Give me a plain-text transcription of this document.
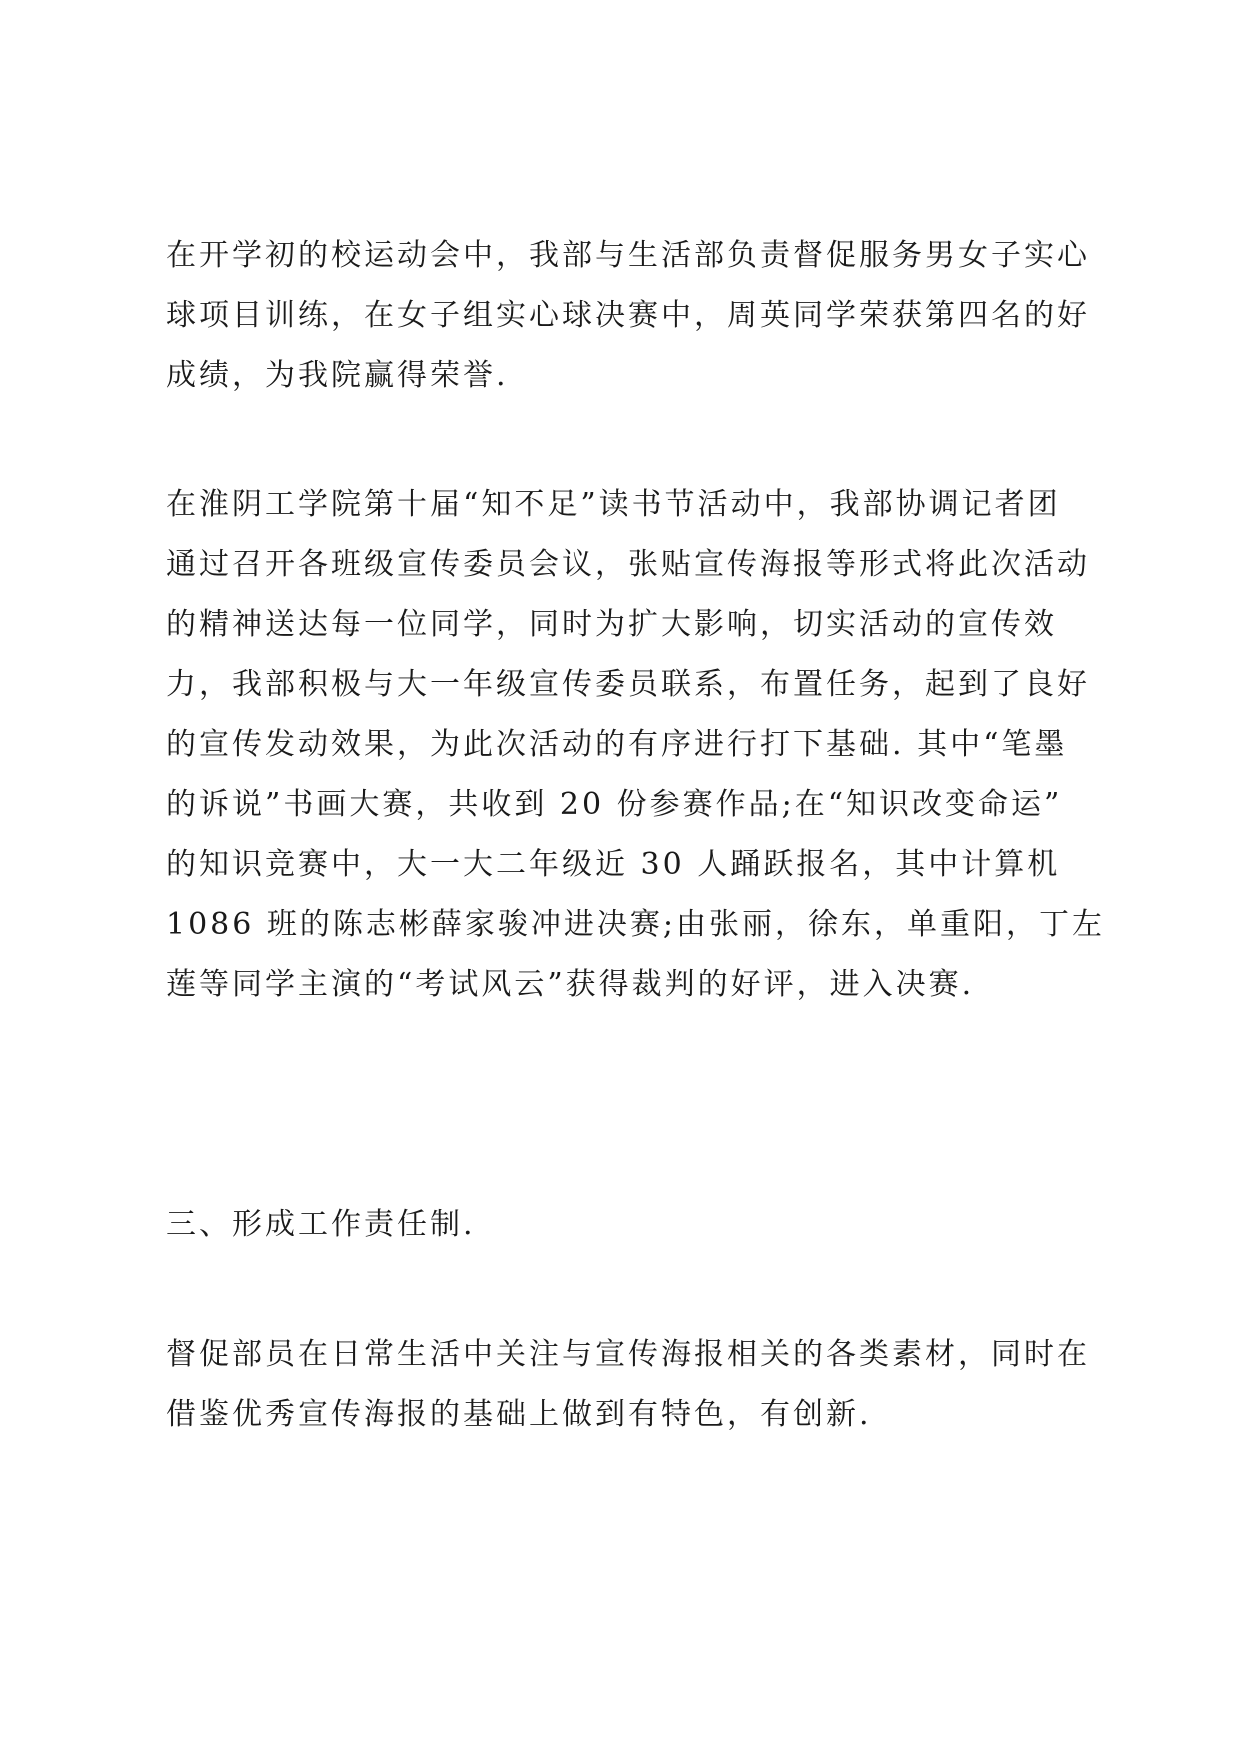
在开学初的校运动会中，我部与生活部负责督促服务男女子实心
球项目训练，在女子组实心球决赛中，周英同学荣获第四名的好
成绩，为我院赢得荣誉.

在淮阴工学院第十届“知不足”读书节活动中，我部协调记者团
通过召开各班级宣传委员会议，张贴宣传海报等形式将此次活动
的精神送达每一位同学，同时为扩大影响，切实活动的宣传效
力，我部积极与大一年级宣传委员联系，布置任务，起到了良好
的宣传发动效果，为此次活动的有序进行打下基础. 其中“笔墨
的诉说”书画大赛，共收到 20 份参赛作品;在“知识改变命运”
的知识竞赛中，大一大二年级近 30 人踊跃报名，其中计算机
1086 班的陈志彬薛家骏冲进决赛;由张丽，徐东，单重阳，丁左
莲等同学主演的“考试风云”获得裁判的好评，进入决赛.

三、形成工作责任制.

督促部员在日常生活中关注与宣传海报相关的各类素材，同时在
借鉴优秀宣传海报的基础上做到有特色，有创新.
